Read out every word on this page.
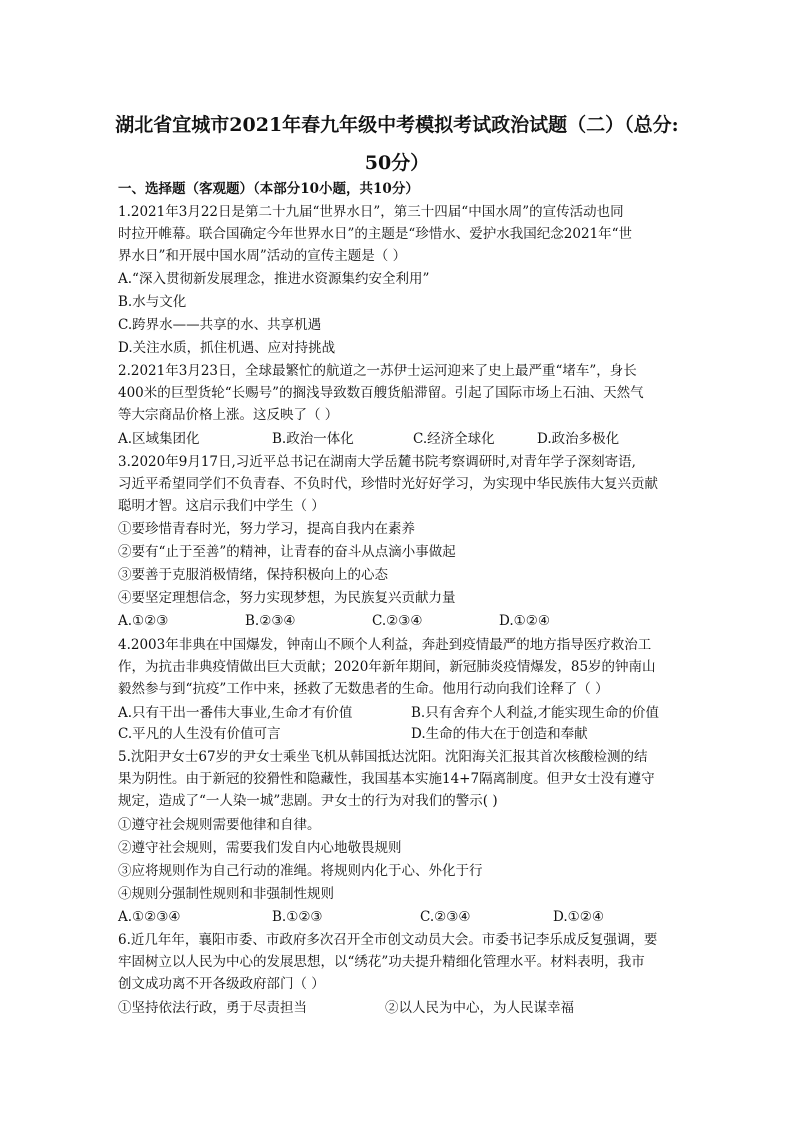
湖北省宜城市2021年春九年级中考模拟考试政治试题（二）（总分:
50分）
一、选择题（客观题）（本部分10小题，共10分）
1.2021年3月22日是第二十九届“世界水日”，第三十四届“中国水周”的宣传活动也同
时拉开帷幕。联合国确定今年世界水日”的主题是“珍惜水、爱护水我国纪念2021年“世
界水日”和开展中国水周”活动的宣传主题是（ ）
A.“深入贯彻新发展理念，推进水资源集约安全利用”
B.水与文化
C.跨界水——共享的水、共享机遇
D.关注水质，抓住机遇、应对持挑战
2.2021年3月23日，全球最繁忙的航道之一苏伊士运河迎来了史上最严重“堵车”，身长
400米的巨型货轮“长赐号”的搁浅导致数百艘货船滞留。引起了国际市场上石油、天然气
等大宗商品价格上涨。这反映了（ ）
A.区域集团化	B.政治一体化	C.经济全球化	D.政治多极化
3.2020年9月17日,习近平总书记在湖南大学岳麓书院考察调研时,对青年学子深刻寄语,
习近平希望同学们不负青春、不负时代，珍惜时光好好学习，为实现中华民族伟大复兴贡献
聪明才智。这启示我们中学生（ ）
①要珍惜青春时光，努力学习，提高自我内在素养
②要有“止于至善”的精神，让青春的奋斗从点滴小事做起
③要善于克服消极情绪，保持积极向上的心态
④要坚定理想信念，努力实现梦想，为民族复兴贡献力量
A.①②③	B.②③④	C.②③④	D.①②④
4.2003年非典在中国爆发，钟南山不顾个人利益，奔赴到疫情最严的地方指导医疗救治工
作，为抗击非典疫情做出巨大贡献；2020年新年期间，新冠肺炎疫情爆发，85岁的钟南山
毅然参与到“抗疫”工作中来，拯救了无数患者的生命。他用行动向我们诠释了（ ）
A.只有干出一番伟大事业,生命才有价值	B.只有舍弃个人利益,才能实现生命的价值
C.平凡的人生没有价值可言	D.生命的伟大在于创造和奉献
5.沈阳尹女士67岁的尹女士乘坐飞机从韩国抵达沈阳。沈阳海关汇报其首次核酸检测的结
果为阴性。由于新冠的狡猾性和隐藏性，我国基本实施14+7隔离制度。但尹女士没有遵守
规定，造成了“一人染一城”悲剧。尹女士的行为对我们的警示( )
①遵守社会规则需要他律和自律。
②遵守社会规则，需要我们发自内心地敬畏规则
③应将规则作为自己行动的准绳。将规则内化于心、外化于行
④规则分强制性规则和非强制性规则
A.①②③④	B.①②③	C.②③④	D.①②④
6.近几年年，襄阳市委、市政府多次召开全市创文动员大会。市委书记李乐成反复强调，要
牢固树立以人民为中心的发展思想，以“绣花”功夫提升精细化管理水平。材料表明，我市
创文成功离不开各级政府部门（ ）
①坚持依法行政，勇于尽责担当	②以人民为中心，为人民谋幸福
